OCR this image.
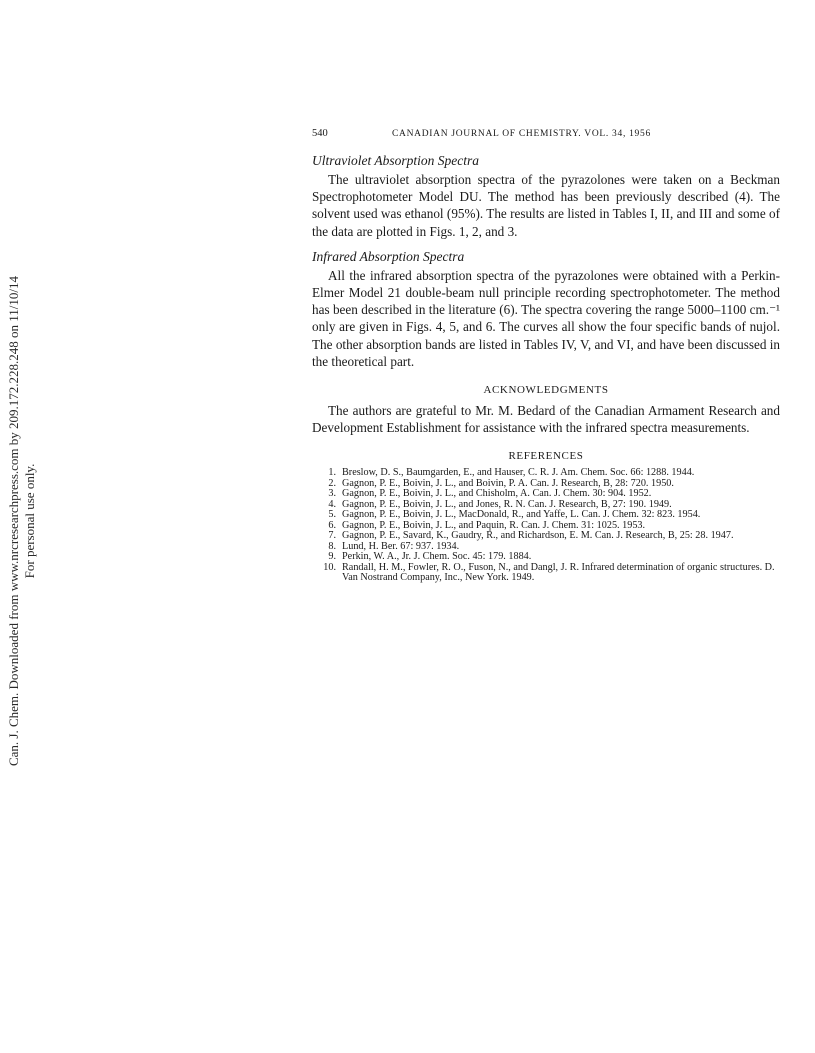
Can. J. Chem. Downloaded from www.nrcresearchpress.com by 209.172.228.248 on 11/10/14 For personal use only.
540	CANADIAN JOURNAL OF CHEMISTRY. VOL. 34, 1956
Ultraviolet Absorption Spectra

The ultraviolet absorption spectra of the pyrazolones were taken on a Beckman Spectrophotometer Model DU. The method has been previously described (4). The solvent used was ethanol (95%). The results are listed in Tables I, II, and III and some of the data are plotted in Figs. 1, 2, and 3.

Infrared Absorption Spectra

All the infrared absorption spectra of the pyrazolones were obtained with a Perkin-Elmer Model 21 double-beam null principle recording spectrophotometer. The method has been described in the literature (6). The spectra covering the range 5000–1100 cm.⁻¹ only are given in Figs. 4, 5, and 6. The curves all show the four specific bands of nujol. The other absorption bands are listed in Tables IV, V, and VI, and have been discussed in the theoretical part.

ACKNOWLEDGMENTS

The authors are grateful to Mr. M. Bedard of the Canadian Armament Research and Development Establishment for assistance with the infrared spectra measurements.

REFERENCES
1. Breslow, D. S., Baumgarden, E., and Hauser, C. R. J. Am. Chem. Soc. 66: 1288. 1944.
2. Gagnon, P. E., Boivin, J. L., and Boivin, P. A. Can. J. Research, B, 28: 720. 1950.
3. Gagnon, P. E., Boivin, J. L., and Chisholm, A. Can. J. Chem. 30: 904. 1952.
4. Gagnon, P. E., Boivin, J. L., and Jones, R. N. Can. J. Research, B, 27: 190. 1949.
5. Gagnon, P. E., Boivin, J. L., MacDonald, R., and Yaffe, L. Can. J. Chem. 32: 823. 1954.
6. Gagnon, P. E., Boivin, J. L., and Paquin, R. Can. J. Chem. 31: 1025. 1953.
7. Gagnon, P. E., Savard, K., Gaudry, R., and Richardson, E. M. Can. J. Research, B, 25: 28. 1947.
8. Lund, H. Ber. 67: 937. 1934.
9. Perkin, W. A., Jr. J. Chem. Soc. 45: 179. 1884.
10. Randall, H. M., Fowler, R. O., Fuson, N., and Dangl, J. R. Infrared determination of organic structures. D. Van Nostrand Company, Inc., New York. 1949.
